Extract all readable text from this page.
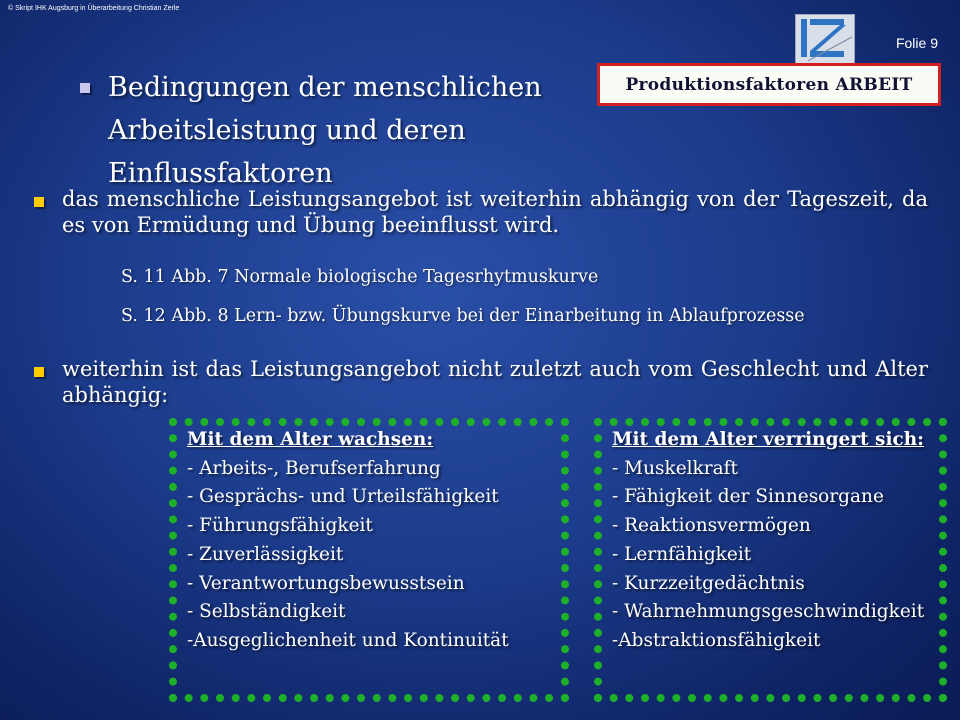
© Skript IHK Augsburg in Überarbeitung Christian Zerle
Folie 9
Produktionsfaktoren ARBEIT
Bedingungen der menschlichen
Arbeitsleistung und deren Einflussfaktoren
das menschliche Leistungsangebot ist weiterhin abhängig von der Tageszeit, da es von Ermüdung und Übung beeinflusst wird.
S. 11 Abb. 7 Normale biologische Tagesrhytmuskurve
S. 12 Abb. 8 Lern- bzw. Übungskurve bei der Einarbeitung in Ablaufprozesse
weiterhin ist das Leistungsangebot nicht zuletzt auch vom Geschlecht und Alter abhängig:
Mit dem Alter wachsen:
- Arbeits-, Berufserfahrung
- Gesprächs- und Urteilsfähigkeit
- Führungsfähigkeit
- Zuverlässigkeit
- Verantwortungsbewusstsein
- Selbständigkeit
-Ausgeglichenheit und Kontinuität
Mit dem Alter verringert sich:
- Muskelkraft
- Fähigkeit der Sinnesorgane
- Reaktionsvermögen
- Lernfähigkeit
- Kurzzeitgedächtnis
- Wahrnehmungsgeschwindigkeit
-Abstraktionsfähigkeit
